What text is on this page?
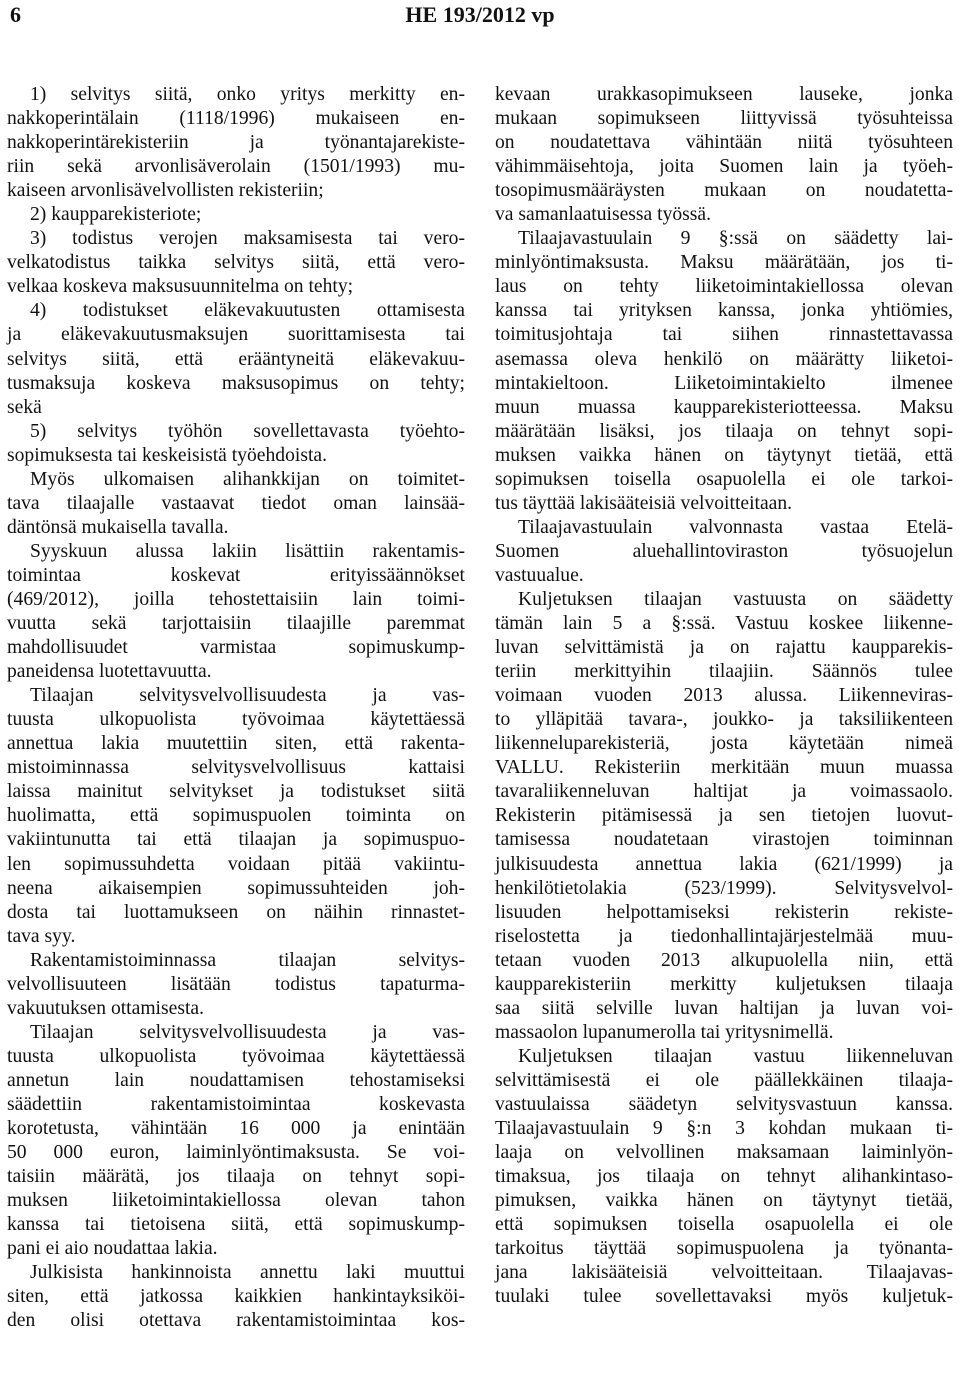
6	HE 193/2012 vp
1) selvitys siitä, onko yritys merkitty en-
nakkoperintälain (1118/1996) mukaiseen en-
nakkoperintärekisteriin ja työnantajarekiste-
riin sekä arvonlisäverolain (1501/1993) mu-
kaiseen arvonlisävelvollisten rekisteriin;
2) kaupparekisteriote;
3) todistus verojen maksamisesta tai vero-
velkatodistus taikka selvitys siitä, että vero-
velkaa koskeva maksusuunnitelma on tehty;
4) todistukset eläkevakuutusten ottamisesta
ja eläkevakuutusmaksujen suorittamisesta tai
selvitys siitä, että erääntyneitä eläkevakuu-
tusmaksuja koskeva maksusopimus on tehty;
sekä
5) selvitys työhön sovellettavasta työehto-
sopimuksesta tai keskeisistä työehdoista.
Myös ulkomaisen alihankkijan on toimitet-
tava tilaajalle vastaavat tiedot oman lainsää-
däntönsä mukaisella tavalla.
Syyskuun alussa lakiin lisättiin rakentamis-
toimintaa koskevat erityissäännökset
(469/2012), joilla tehostettaisiin lain toimi-
vuutta sekä tarjottaisiin tilaajille paremmat
mahdollisuudet varmistaa sopimuskump-
paneidensa luotettavuutta.
Tilaajan selvitysvelvollisuudesta ja vas-
tuusta ulkopuolista työvoimaa käytettäessä
annettua lakia muutettiin siten, että rakenta-
mistoiminnassa selvitysvelvollisuus kattaisi
laissa mainitut selvitykset ja todistukset siitä
huolimatta, että sopimuspuolen toiminta on
vakiintunutta tai että tilaajan ja sopimuspuo-
len sopimussuhdetta voidaan pitää vakiintu-
neena aikaisempien sopimussuhteiden joh-
dosta tai luottamukseen on näihin rinnastet-
tava syy.
Rakentamistoiminnassa tilaajan selvitys-
velvollisuuteen lisätään todistus tapaturma-
vakuutuksen ottamisesta.
Tilaajan selvitysvelvollisuudesta ja vas-
tuusta ulkopuolista työvoimaa käytettäessä
annetun lain noudattamisen tehostamiseksi
säädettiin rakentamistoimintaa koskevasta
korotetusta, vähintään 16 000 ja enintään
50 000 euron, laiminlyöntimaksusta. Se voi-
taisiin määrätä, jos tilaaja on tehnyt sopi-
muksen liiketoimintakiellossa olevan tahon
kanssa tai tietoisena siitä, että sopimuskump-
pani ei aio noudattaa lakia.
Julkisista hankinnoista annettu laki muuttui
siten, että jatkossa kaikkien hankintayksiköi-
den olisi otettava rakentamistoimintaa kos-
kevaan urakkasopimukseen lauseke, jonka
mukaan sopimukseen liittyvissä työsuhteissa
on noudatettava vähintään niitä työsuhteen
vähimmäisehtoja, joita Suomen lain ja työeh-
tosopimusmääräysten mukaan on noudatetta-
va samanlaatuisessa työssä.
Tilaajavastuulain 9 §:ssä on säädetty lai-
minlyöntimaksusta. Maksu määrätään, jos ti-
laus on tehty liiketoimintakiellossa olevan
kanssa tai yrityksen kanssa, jonka yhtiömies,
toimitusjohtaja tai siihen rinnastettavassa
asemassa oleva henkilö on määrätty liiketoi-
mintakieltoon. Liiketoimintakielto ilmenee
muun muassa kaupparekisteriotteessa. Maksu
määrätään lisäksi, jos tilaaja on tehnyt sopi-
muksen vaikka hänen on täytynyt tietää, että
sopimuksen toisella osapuolella ei ole tarkoi-
tus täyttää lakisääteisiä velvoitteitaan.
Tilaajavastuulain valvonnasta vastaa Etelä-
Suomen aluehallintoviraston työsuojelun
vastuualue.
Kuljetuksen tilaajan vastuusta on säädetty
tämän lain 5 a §:ssä. Vastuu koskee liikenne-
luvan selvittämistä ja on rajattu kaupparekis-
teriin merkittyihin tilaajiin. Säännös tulee
voimaan vuoden 2013 alussa. Liikenneviras-
to ylläpitää tavara-, joukko- ja taksiliikenteen
liikenneluparekisteriä, josta käytetään nimeä
VALLU. Rekisteriin merkitään muun muassa
tavaraliikenneluvan haltijat ja voimassaolo.
Rekisterin pitämisessä ja sen tietojen luovut-
tamisessa noudatetaan virastojen toiminnan
julkisuudesta annettua lakia (621/1999) ja
henkilötietolakia (523/1999). Selvitysvelvol-
lisuuden helpottamiseksi rekisterin rekiste-
riselostetta ja tiedonhallintajärjestelmää muu-
tetaan vuoden 2013 alkupuolella niin, että
kaupparekisteriin merkitty kuljetuksen tilaaja
saa siitä selville luvan haltijan ja luvan voi-
massaolon lupanumerolla tai yritysnimellä.
Kuljetuksen tilaajan vastuu liikenneluvan
selvittämisestä ei ole päällekkäinen tilaaja-
vastuulaissa säädetyn selvitysvastuun kanssa.
Tilaajavastuulain 9 §:n 3 kohdan mukaan ti-
laaja on velvollinen maksamaan laiminlyön-
timaksua, jos tilaaja on tehnyt alihankintaso-
pimuksen, vaikka hänen on täytynyt tietää,
että sopimuksen toisella osapuolella ei ole
tarkoitus täyttää sopimuspuolena ja työnanta-
jana lakisääteisiä velvoitteitaan. Tilaajavas-
tuulaki tulee sovellettavaksi myös kuljetuk-
